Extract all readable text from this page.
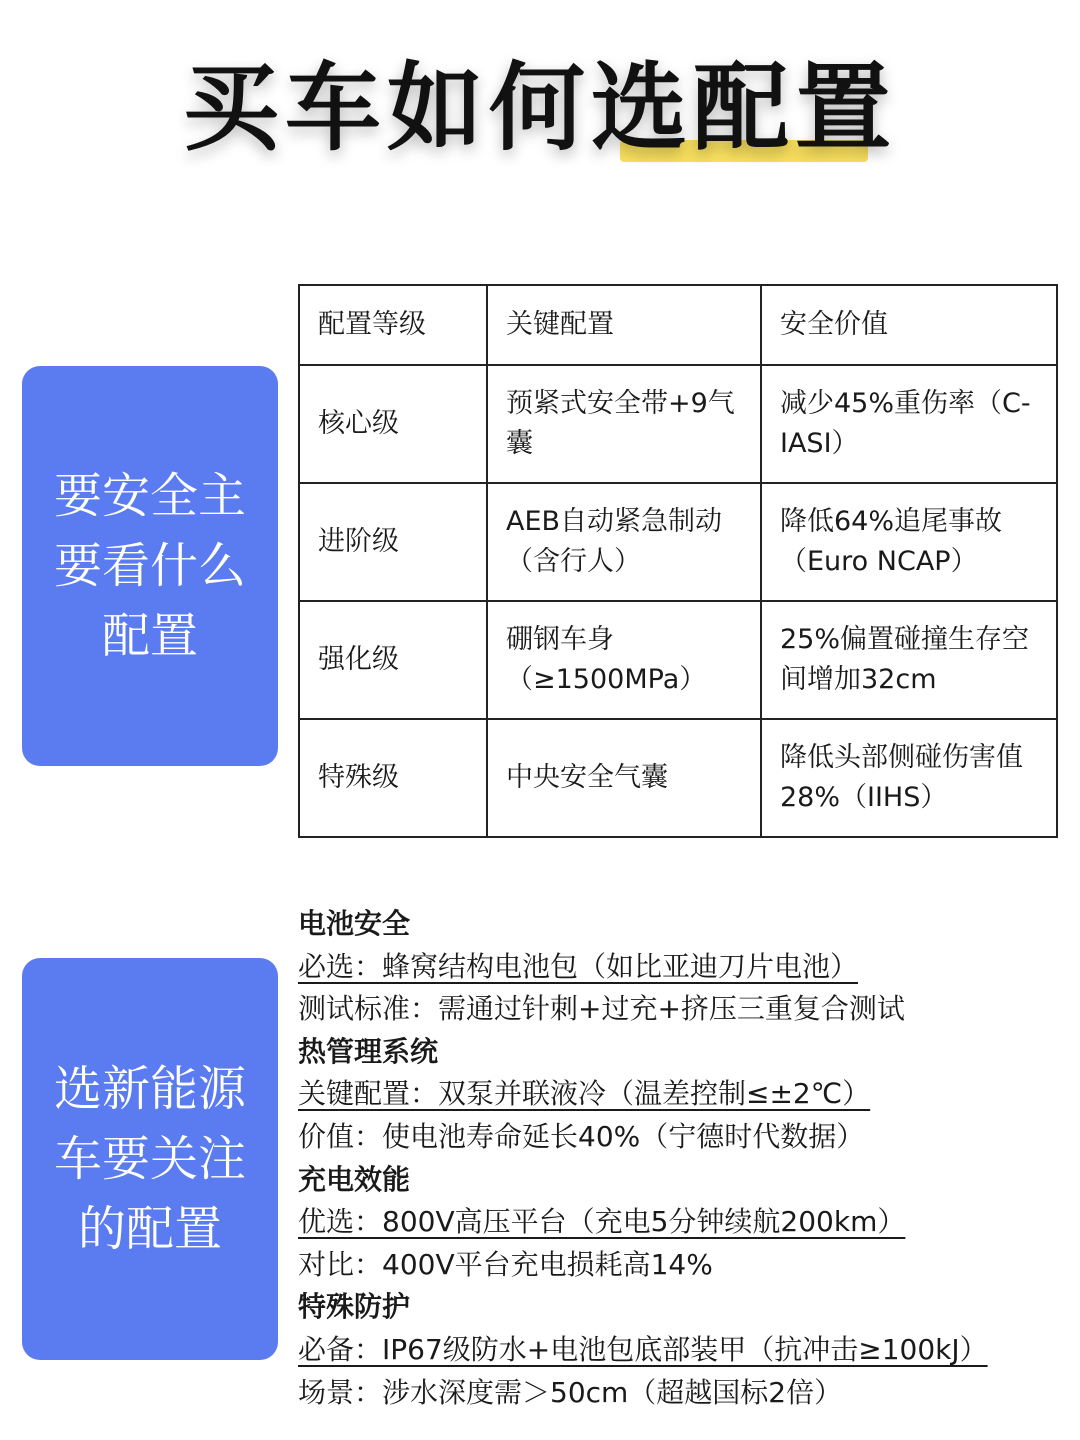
买车如何选配置
要安全主要看什么配置
配置等级	关键配置	安全价值
核心级	预紧式安全带+9气囊	减少45%重伤率（C-IASI）
进阶级	AEB自动紧急制动（含行人）	降低64%追尾事故（Euro NCAP）
强化级	硼钢车身（≥1500MPa）	25%偏置碰撞生存空间增加32cm
特殊级	中央安全气囊	降低头部侧碰伤害值28%（IIHS）
选新能源车要关注的配置
电池安全
必选：蜂窝结构电池包（如比亚迪刀片电池）
测试标准：需通过针刺+过充+挤压三重复合测试
热管理系统
关键配置：双泵并联液冷（温差控制≤±2℃）
价值：使电池寿命延长40%（宁德时代数据）
充电效能
优选：800V高压平台（充电5分钟续航200km）
对比：400V平台充电损耗高14%
特殊防护
必备：IP67级防水+电池包底部装甲（抗冲击≥100kJ）
场景：涉水深度需＞50cm（超越国标2倍）
